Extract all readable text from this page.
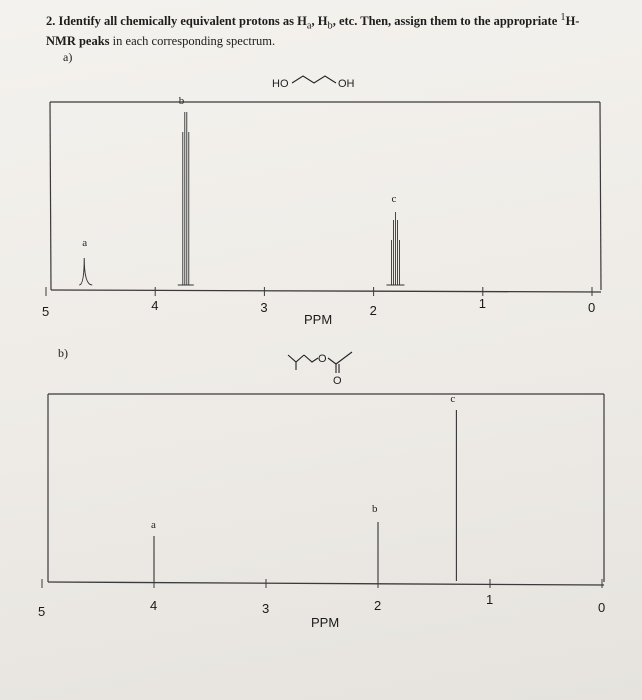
2. Identify all chemically equivalent protons as $H_a$, $H_b$, etc. Then, assign them to the appropriate $^1$H-
NMR peaks in each corresponding spectrum.
a)
b)
HO	OH
5	4	3	2	1	0
a
b
c
PPM
O
O
5	4	3	2	1
0
a
b
c
PPM
